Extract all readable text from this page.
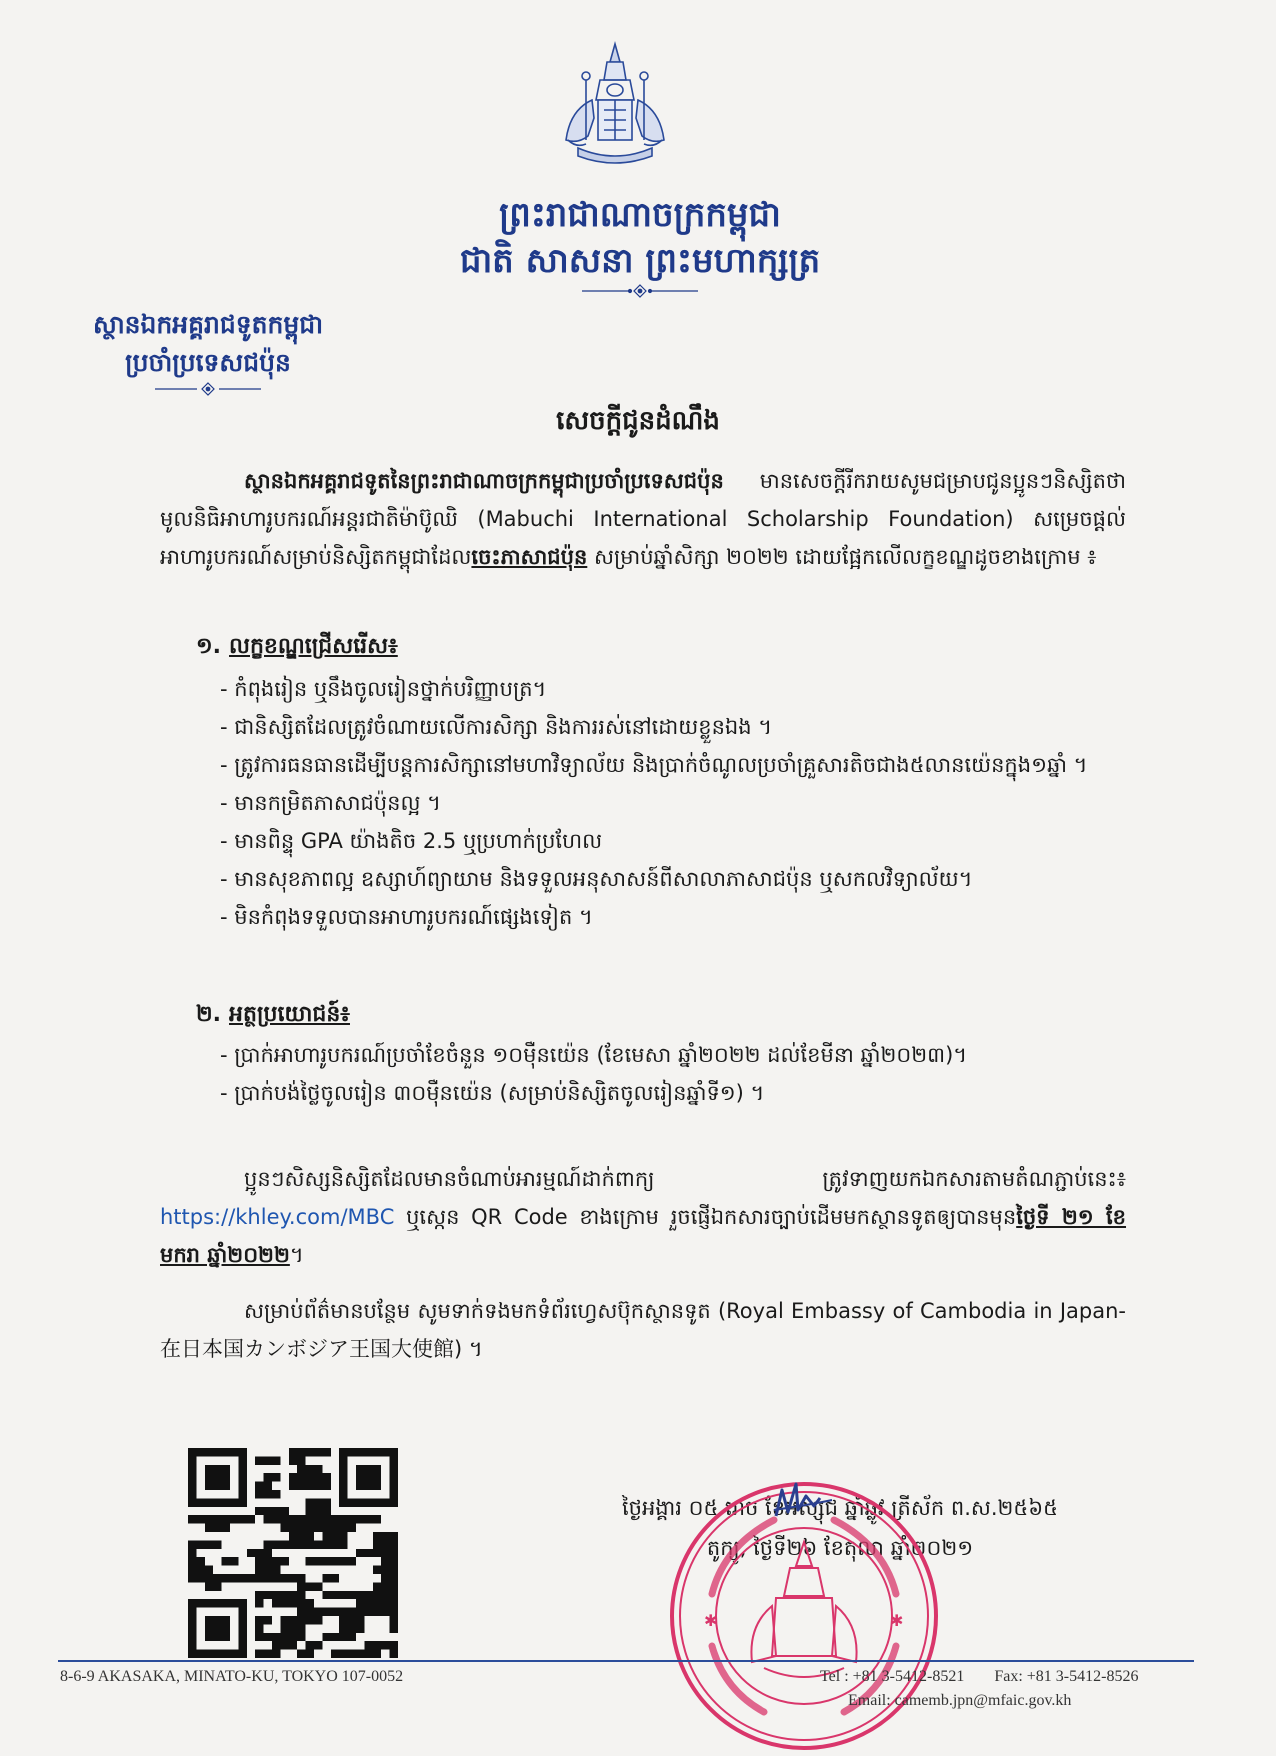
ព្រះរាជាណាចក្រកម្ពុជា
ជាតិ សាសនា ព្រះមហាក្សត្រ
ស្ថានឯកអគ្គរាជទូតកម្ពុជា
ប្រចាំប្រទេសជប៉ុន
សេចក្តីជូនដំណឹង
ស្ថានឯកអគ្គរាជទូតនៃព្រះរាជាណាចក្រកម្ពុជាប្រចាំប្រទេសជប៉ុន មានសេចក្តីរីករាយសូមជម្រាបជូនប្អូនៗនិស្សិតថា មូលនិធិអាហារូបករណ៍អន្តរជាតិម៉ាប៊ូឈិ (Mabuchi International Scholarship Foundation) សម្រេចផ្តល់អាហារូបករណ៍សម្រាប់និស្សិតកម្ពុជាដែលចេះភាសាជប៉ុន សម្រាប់ឆ្នាំសិក្សា ២០២២ ដោយផ្អែកលើលក្ខខណ្ឌដូចខាងក្រោម ៖
១. លក្ខខណ្ឌជ្រើសរើស៖
- កំពុងរៀន ឬនឹងចូលរៀនថ្នាក់បរិញ្ញាបត្រ។
- ជានិស្សិតដែលត្រូវចំណាយលើការសិក្សា និងការរស់នៅដោយខ្លួនឯង ។
- ត្រូវការធនធានដើម្បីបន្តការសិក្សានៅមហាវិទ្យាល័យ និងប្រាក់ចំណូលប្រចាំគ្រួសារតិចជាង៥លានយ៉េនក្នុង១ឆ្នាំ ។
- មានកម្រិតភាសាជប៉ុនល្អ ។
- មានពិន្ទុ GPA យ៉ាងតិច 2.5 ឬប្រហាក់ប្រហែល
- មានសុខភាពល្អ ឧស្សាហ៍ព្យាយាម និងទទួលអនុសាសន៍ពីសាលាភាសាជប៉ុន ឬសកលវិទ្យាល័យ។
- មិនកំពុងទទួលបានអាហារូបករណ៍ផ្សេងទៀត ។
២. អត្ថប្រយោជន៍៖
- ប្រាក់អាហារូបករណ៍ប្រចាំខែចំនួន ១០ម៉ឺនយ៉េន (ខែមេសា ឆ្នាំ២០២២ ដល់ខែមីនា ឆ្នាំ២០២៣)។
- ប្រាក់បង់ថ្លៃចូលរៀន ៣០ម៉ឺនយ៉េន (សម្រាប់និស្សិតចូលរៀនឆ្នាំទី១) ។
ប្អូនៗសិស្សនិស្សិតដែលមានចំណាប់អារម្មណ៍ដាក់ពាក្យ ត្រូវទាញយកឯកសារតាមតំណភ្ជាប់នេះ៖ https://khley.com/MBC ឬស្កេន QR Code ខាងក្រោម រួចផ្ញើឯកសារច្បាប់ដើមមកស្ថានទូតឲ្យបានមុនថ្ងៃទី ២១ ខែមករា ឆ្នាំ២០២២។
សម្រាប់ព័ត៌មានបន្ថែម សូមទាក់ទងមកទំព័រហ្វេសប៊ុកស្ថានទូត (Royal Embassy of Cambodia in Japan-在日本国カンボジア王国大使館) ។
ថ្ងៃអង្គារ ០៥ រោច ខែអស្សុជ ឆ្នាំឆ្លូវ ត្រីស័ក ព.ស.២៥៦៥
តូក្យូ, ថ្ងៃទី២៦ ខែតុលា ឆ្នាំ២០២១
✱	✱
8-6-9 AKASAKA, MINATO-KU, TOKYO 107-0052	Tel : +81 3-5412-8521 Fax: +81 3-5412-8526
Email: camemb.jpn@mfaic.gov.kh
